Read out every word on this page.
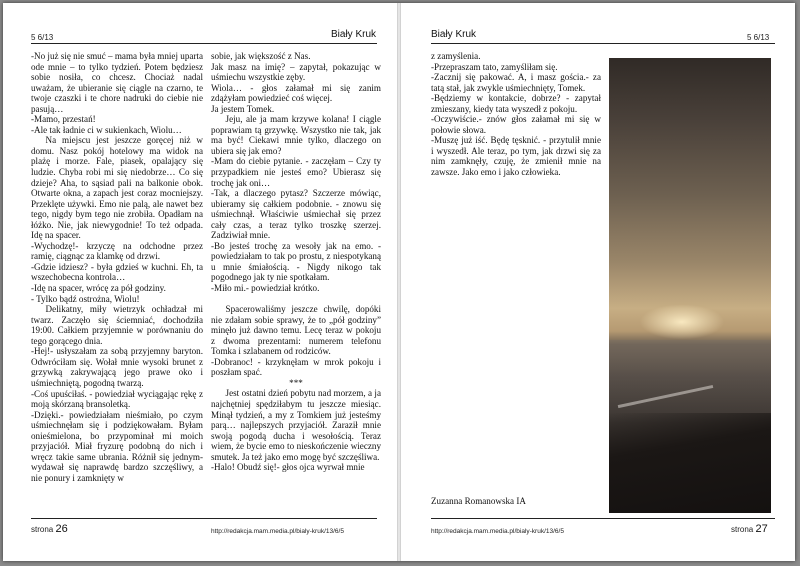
5 6/13	Biały Kruk

-No już się nie smuć – mama była mniej uparta ode mnie – to tylko tydzień. Potem będziesz sobie nosiła, co chcesz. Chociaż nadal uważam, że ubieranie się ciągle na czarno, te twoje czaszki i te chore nadruki do ciebie nie pasują…

-Mamo, przestań!

-Ale tak ładnie ci w sukienkach, Wiolu…

Na miejscu jest jeszcze goręcej niż w domu. Nasz pokój hotelowy ma widok na plażę i morze. Fale, piasek, opalający się ludzie. Chyba robi mi się niedobrze… Co się dzieje? Aha, to sąsiad pali na balkonie obok. Otwarte okna, a zapach jest coraz mocniejszy. Przeklęte używki. Emo nie palą, ale nawet bez tego, nigdy bym tego nie zrobiła. Opadłam na łóżko. Nie, jak niewygodnie! To też odpada. Idę na spacer.

-Wychodzę!- krzyczę na odchodne przez ramię, ciągnąc za klamkę od drzwi.

-Gdzie idziesz? - była gdzieś w kuchni. Eh, ta wszechobecna kontrola…

-Idę na spacer, wrócę za pół godziny.

- Tylko bądź ostrożna, Wiolu!

Delikatny, miły wietrzyk ochładzał mi twarz. Zaczęło się ściemniać, dochodziła 19:00. Całkiem przyjemnie w porównaniu do tego gorącego dnia.

-Hej!- usłyszałam za sobą przyjemny baryton. Odwróciłam się. Wołał mnie wysoki brunet z grzywką zakrywającą jego prawe oko i uśmiechniętą, pogodną twarzą.

-Coś upuściłaś. - powiedział wyciągając rękę z moją skórzaną bransoletką.

-Dzięki.- powiedziałam nieśmiało, po czym uśmiechnęłam się i podziękowałam. Byłam onieśmielona, bo przypominał mi moich przyjaciół. Miał fryzurę podobną do nich i wręcz takie same ubrania. Różnił się jednym- wydawał się naprawdę bardzo szczęśliwy, a nie ponury i zamknięty w

sobie, jak większość z Nas.

Jak masz na imię? – zapytał, pokazując w uśmiechu wszystkie zęby.

Wiola… - głos załamał mi się zanim zdążyłam powiedzieć coś więcej.

Ja jestem Tomek.

Jeju, ale ja mam krzywe kolana! I ciągle poprawiam tą grzywkę. Wszystko nie tak, jak ma być! Ciekawi mnie tylko, dlaczego on ubiera się jak emo?

-Mam do ciebie pytanie. - zaczęłam – Czy ty przypadkiem nie jesteś emo? Ubierasz się trochę jak oni…

-Tak, a dlaczego pytasz? Szczerze mówiąc, ubieramy się całkiem podobnie. - znowu się uśmiechnął. Właściwie uśmiechał się przez cały czas, a teraz tylko troszkę szerzej. Zadziwiał mnie.

-Bo jesteś trochę za wesoły jak na emo. - powiedziałam to tak po prostu, z niespotykaną u mnie śmiałością. - Nigdy nikogo tak pogodnego jak ty nie spotkałam.

-Miło mi.- powiedział krótko.

Spacerowaliśmy jeszcze chwilę, dopóki nie zdałam sobie sprawy, że to „pół godziny” minęło już dawno temu. Lecę teraz w pokoju z dwoma prezentami: numerem telefonu Tomka i szlabanem od rodziców.

-Dobranoc! - krzyknęłam w mrok pokoju i poszłam spać.

***

Jest ostatni dzień pobytu nad morzem, a ja najchętniej spędziłabym tu jeszcze miesiąc. Minął tydzień, a my z Tomkiem już jesteśmy parą… najlepszych przyjaciół. Zaraził mnie swoją pogodą ducha i wesołością. Teraz wiem, że bycie emo to nieskończenie wieczny smutek. Ja też jako emo mogę być szczęśliwa.

-Halo! Obudź się!- głos ojca wyrwał mnie

strona 26	http://redakcja.mam.media.pl/bialy-kruk/13/6/5
Biały Kruk	5 6/13

z zamyślenia.

-Przepraszam tato, zamyśliłam się.

-Zacznij się pakować. A, i masz gościa.- za tatą stał, jak zwykle uśmiechnięty, Tomek.

-Będziemy w kontakcie, dobrze? - zapytał zmieszany, kiedy tata wyszedł z pokoju.

-Oczywiście.- znów głos załamał mi się w połowie słowa.

-Muszę już iść. Będę tęsknić. - przytulił mnie i wyszedł. Ale teraz, po tym, jak drzwi się za nim zamknęły, czuję, że zmienił mnie na zawsze. Jako emo i jako człowieka.

Zuzanna Romanowska IA
http://redakcja.mam.media.pl/bialy-kruk/13/6/5	strona 27
